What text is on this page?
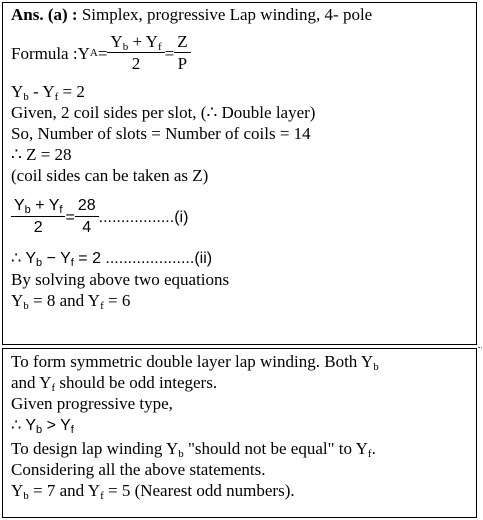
Ans. (a) : Simplex, progressive Lap winding, 4- pole
Formula : Y $A = \frac{Y_b + Y_f}{2} = \frac{Z}{P}$
$Y_b - Y_f = 2$
Given, 2 coil sides per slot, (∴ Double layer)
So, Number of slots = Number of coils = 14
∴ Z = 28
(coil sides can be taken as Z)
$\frac{Y_b + Y_f}{2} = \frac{28}{4} .................(i)$
∴ $Y_b - Y_f = 2$ ....................(ii)
By solving above two equations
$Y_b = 8$ and $Y_f = 6$
To form symmetric double layer lap winding. Both $Y_b$
and $Y_f$ should be odd integers.
Given progressive type,
∴ $Y_b > Y_f$
To design lap winding $Y_b$ "should not be equal" to $Y_f$.
Considering all the above statements.
$Y_b = 7$ and $Y_f = 5$ (Nearest odd numbers).
